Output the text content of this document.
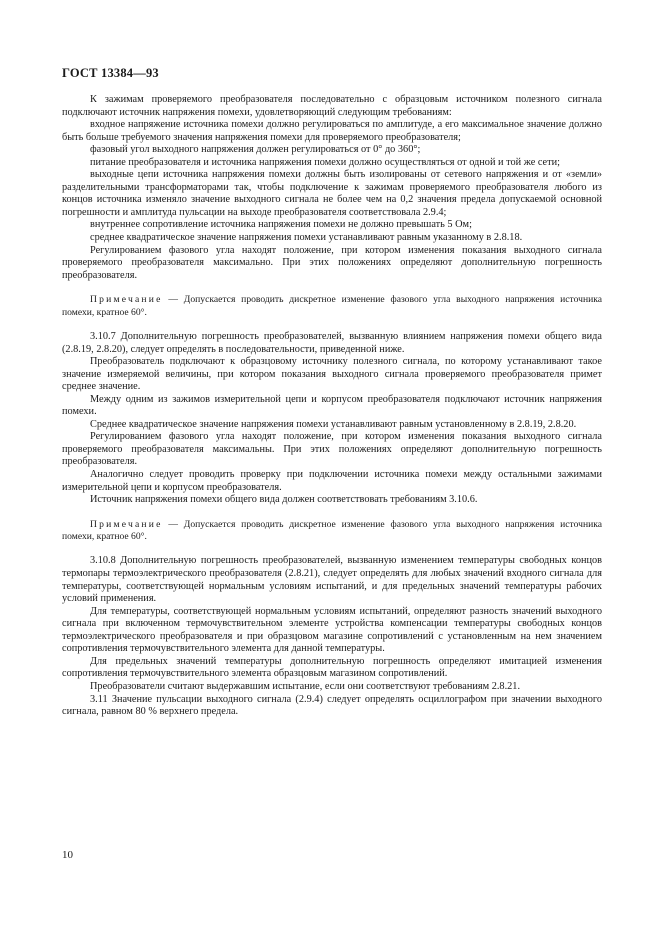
ГОСТ 13384—93

К зажимам проверяемого преобразователя последовательно с образцовым источником полезного сигнала подключают источник напряжения помехи, удовлетворяющий следующим требованиям:

входное напряжение источника помехи должно регулироваться по амплитуде, а его максимальное значение должно быть больше требуемого значения напряжения помехи для проверяемого преобразователя;

фазовый угол выходного напряжения должен регулироваться от 0° до 360°;

питание преобразователя и источника напряжения помехи должно осуществляться от одной и той же сети;

выходные цепи источника напряжения помехи должны быть изолированы от сетевого напряжения и от «земли» разделительными трансформаторами так, чтобы подключение к зажимам проверяемого преобразователя любого из концов источника изменяло значение выходного сигнала не более чем на 0,2 значения предела допускаемой основной погрешности и амплитуда пульсации на выходе преобразователя соответствовала 2.9.4;

внутреннее сопротивление источника напряжения помехи не должно превышать 5 Ом;

среднее квадратическое значение напряжения помехи устанавливают равным указанному в 2.8.18.

Регулированием фазового угла находят положение, при котором изменения показания выходного сигнала проверяемого преобразователя максимально. При этих положениях определяют дополнительную погрешность преобразователя.

Примечание — Допускается проводить дискретное изменение фазового угла выходного напряжения источника помехи, кратное 60°.

3.10.7 Дополнительную погрешность преобразователей, вызванную влиянием напряжения помехи общего вида (2.8.19, 2.8.20), следует определять в последовательности, приведенной ниже.

Преобразователь подключают к образцовому источнику полезного сигнала, по которому устанавливают такое значение измеряемой величины, при котором показания выходного сигнала проверяемого преобразователя примет среднее значение.

Между одним из зажимов измерительной цепи и корпусом преобразователя подключают источник напряжения помехи.

Среднее квадратическое значение напряжения помехи устанавливают равным установленному в 2.8.19, 2.8.20.

Регулированием фазового угла находят положение, при котором изменения показания выходного сигнала проверяемого преобразователя максимальны. При этих положениях определяют дополнительную погрешность преобразователя.

Аналогично следует проводить проверку при подключении источника помехи между остальными зажимами измерительной цепи и корпусом преобразователя.

Источник напряжения помехи общего вида должен соответствовать требованиям 3.10.6.

Примечание — Допускается проводить дискретное изменение фазового угла выходного напряжения источника помехи, кратное 60°.

3.10.8 Дополнительную погрешность преобразователей, вызванную изменением температуры свободных концов термопары термоэлектрического преобразователя (2.8.21), следует определять для любых значений входного сигнала для температуры, соответствующей нормальным условиям испытаний, и для предельных значений температуры рабочих условий применения.

Для температуры, соответствующей нормальным условиям испытаний, определяют разность значений выходного сигнала при включенном термочувствительном элементе устройства компенсации температуры свободных концов термоэлектрического преобразователя и при образцовом магазине сопротивлений с установленным на нем значением сопротивления термочувствительного элемента для данной температуры.

Для предельных значений температуры дополнительную погрешность определяют имитацией изменения сопротивления термочувствительного элемента образцовым магазином сопротивлений.

Преобразователи считают выдержавшим испытание, если они соответствуют требованиям 2.8.21.

3.11 Значение пульсации выходного сигнала (2.9.4) следует определять осциллографом при значении выходного сигнала, равном 80 % верхнего предела.

10
